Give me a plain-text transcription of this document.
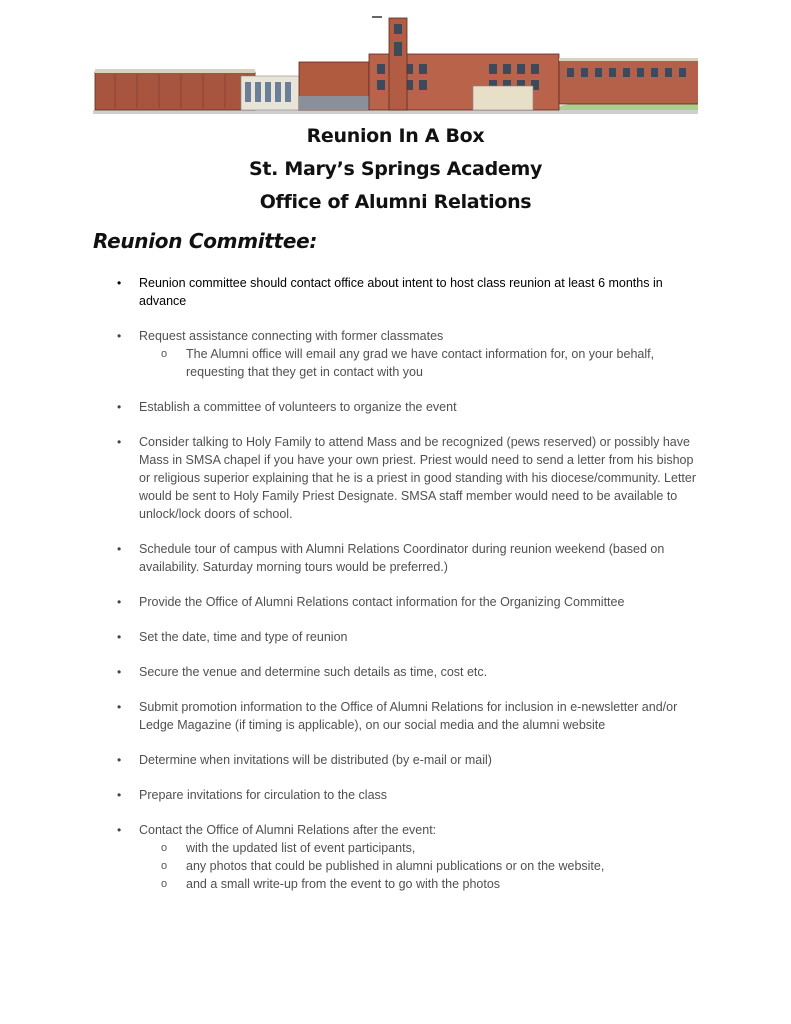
Reunion In A Box
St. Mary’s Springs Academy
Office of Alumni Relations
Reunion Committee:
• Reunion committee should contact office about intent to host class reunion at least 6 months in advance
• Request assistance connecting with former classmates
o The Alumni office will email any grad we have contact information for, on your behalf, requesting that they get in contact with you
• Establish a committee of volunteers to organize the event
• Consider talking to Holy Family to attend Mass and be recognized (pews reserved) or possibly have Mass in SMSA chapel if you have your own priest. Priest would need to send a letter from his bishop or religious superior explaining that he is a priest in good standing with his diocese/community. Letter would be sent to Holy Family Priest Designate. SMSA staff member would need to be available to unlock/lock doors of school.
• Schedule tour of campus with Alumni Relations Coordinator during reunion weekend (based on availability. Saturday morning tours would be preferred.)
• Provide the Office of Alumni Relations contact information for the Organizing Committee
• Set the date, time and type of reunion
• Secure the venue and determine such details as time, cost etc.
• Submit promotion information to the Office of Alumni Relations for inclusion in e-newsletter and/or Ledge Magazine (if timing is applicable), on our social media and the alumni website
• Determine when invitations will be distributed (by e-mail or mail)
• Prepare invitations for circulation to the class
• Contact the Office of Alumni Relations after the event:
o with the updated list of event participants,
o any photos that could be published in alumni publications or on the website,
o and a small write-up from the event to go with the photos
